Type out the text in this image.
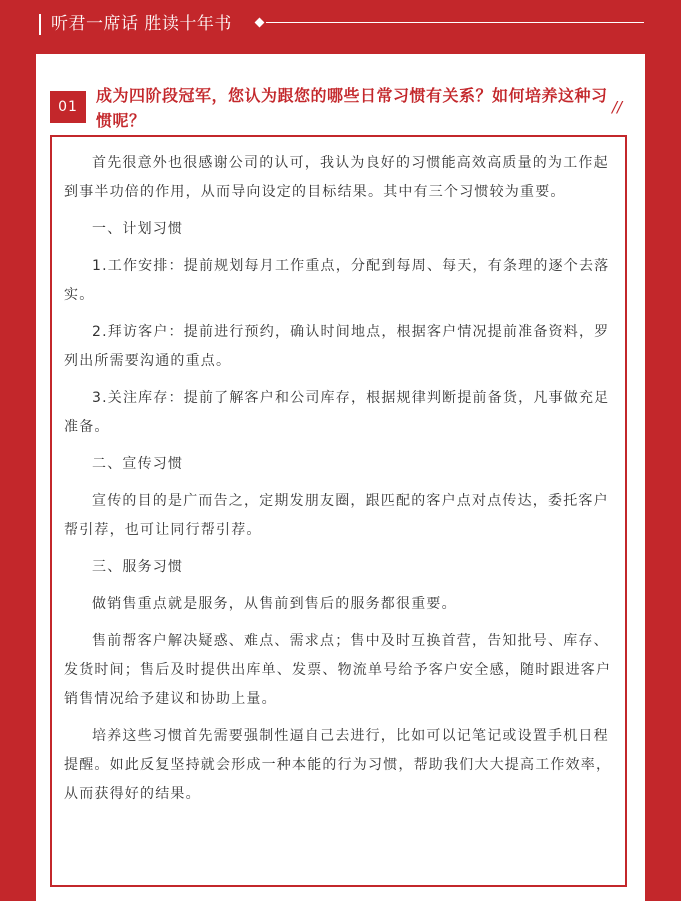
听君一席话 胜读十年书
01
成为四阶段冠军，您认为跟您的哪些日常习惯有关系？如何培养这种习惯呢？
//

首先很意外也很感谢公司的认可，我认为良好的习惯能高效高质量的为工作起到事半功倍的作用，从而导向设定的目标结果。其中有三个习惯较为重要。

一、计划习惯

1.工作安排：提前规划每月工作重点，分配到每周、每天，有条理的逐个去落实。

2.拜访客户：提前进行预约，确认时间地点，根据客户情况提前准备资料，罗列出所需要沟通的重点。

3.关注库存：提前了解客户和公司库存，根据规律判断提前备货，凡事做充足准备。

二、宣传习惯

宣传的目的是广而告之，定期发朋友圈，跟匹配的客户点对点传达，委托客户帮引荐，也可让同行帮引荐。

三、服务习惯

做销售重点就是服务，从售前到售后的服务都很重要。

售前帮客户解决疑惑、难点、需求点；售中及时互换首营，告知批号、库存、发货时间；售后及时提供出库单、发票、物流单号给予客户安全感，随时跟进客户销售情况给予建议和协助上量。

培养这些习惯首先需要强制性逼自己去进行，比如可以记笔记或设置手机日程提醒。如此反复坚持就会形成一种本能的行为习惯，帮助我们大大提高工作效率，从而获得好的结果。
